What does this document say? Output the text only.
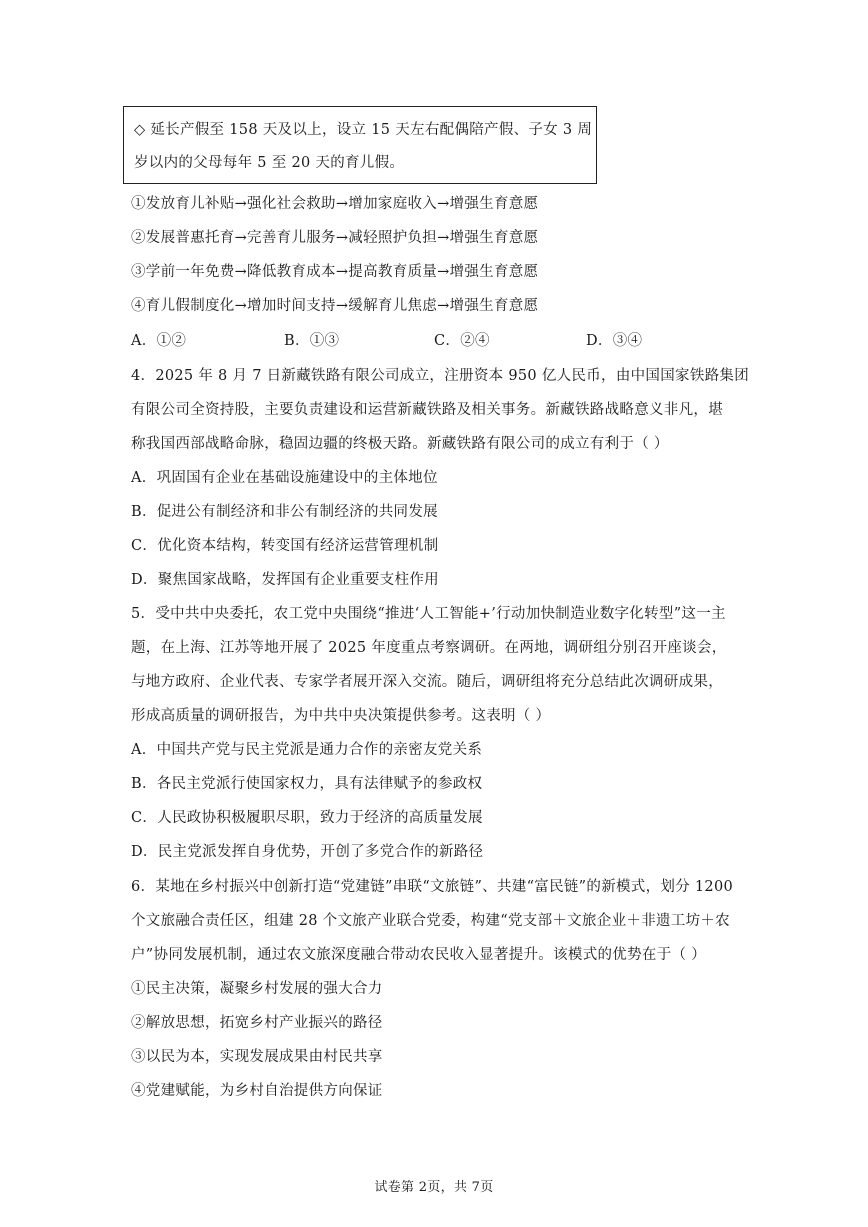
◇ 延长产假至 158 天及以上，设立 15 天左右配偶陪产假、子女 3 周
岁以内的父母每年 5 至 20 天的育儿假。
①发放育儿补贴→强化社会救助→增加家庭收入→增强生育意愿
②发展普惠托育→完善育儿服务→减轻照护负担→增强生育意愿
③学前一年免费→降低教育成本→提高教育质量→增强生育意愿
④育儿假制度化→增加时间支持→缓解育儿焦虑→增强生育意愿
A．①②	B．①③	C．②④	D．③④
4．2025 年 8 月 7 日新藏铁路有限公司成立，注册资本 950 亿人民币，由中国国家铁路集团
有限公司全资持股，主要负责建设和运营新藏铁路及相关事务。新藏铁路战略意义非凡，堪
称我国西部战略命脉，稳固边疆的终极天路。新藏铁路有限公司的成立有利于（ ）
A．巩固国有企业在基础设施建设中的主体地位
B．促进公有制经济和非公有制经济的共同发展
C．优化资本结构，转变国有经济运营管理机制
D．聚焦国家战略，发挥国有企业重要支柱作用
5．受中共中央委托，农工党中央围绕“推进‘人工智能+’行动加快制造业数字化转型”这一主
题，在上海、江苏等地开展了 2025 年度重点考察调研。在两地，调研组分别召开座谈会，
与地方政府、企业代表、专家学者展开深入交流。随后，调研组将充分总结此次调研成果，
形成高质量的调研报告，为中共中央决策提供参考。这表明（ ）
A．中国共产党与民主党派是通力合作的亲密友党关系
B．各民主党派行使国家权力，具有法律赋予的参政权
C．人民政协积极履职尽职，致力于经济的高质量发展
D．民主党派发挥自身优势，开创了多党合作的新路径
6．某地在乡村振兴中创新打造“党建链”串联“文旅链”、共建“富民链”的新模式，划分 1200
个文旅融合责任区，组建 28 个文旅产业联合党委，构建“党支部＋文旅企业＋非遗工坊＋农
户”协同发展机制，通过农文旅深度融合带动农民收入显著提升。该模式的优势在于（ ）
①民主决策，凝聚乡村发展的强大合力
②解放思想，拓宽乡村产业振兴的路径
③以民为本，实现发展成果由村民共享
④党建赋能，为乡村自治提供方向保证
试卷第 2页，共 7页
